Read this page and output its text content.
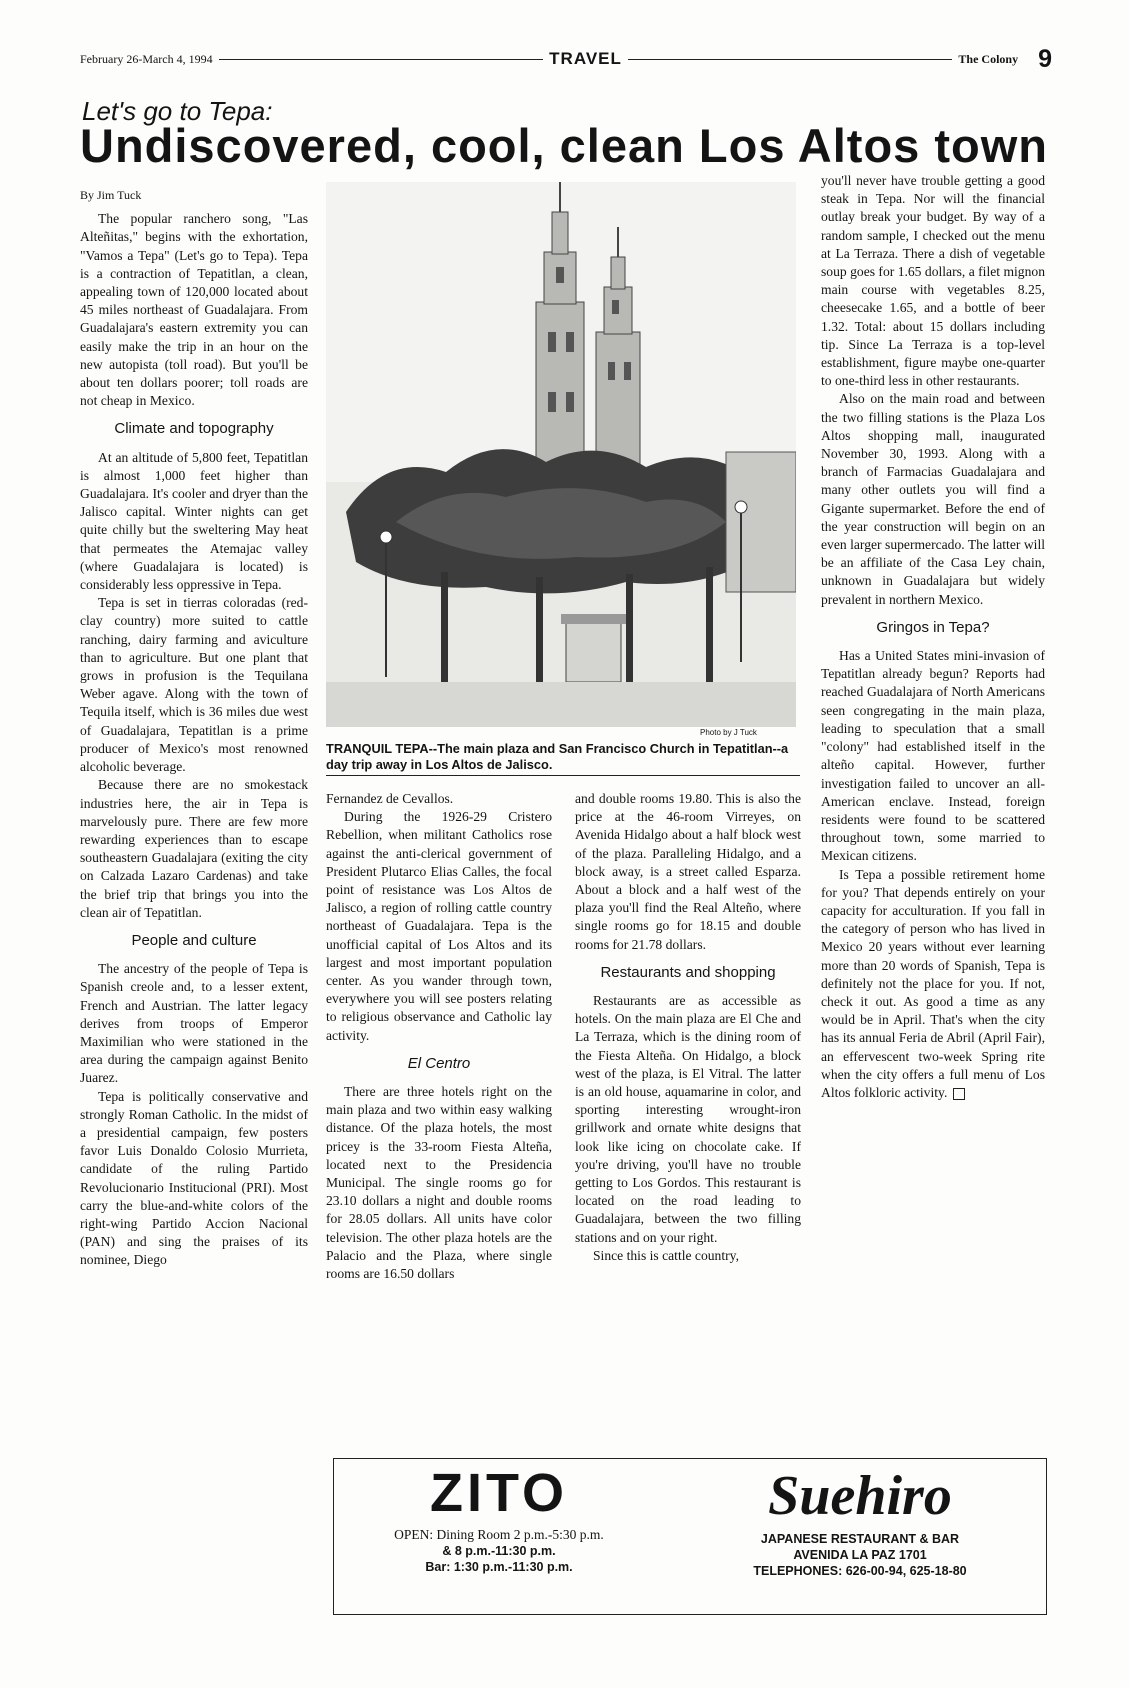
February 26-March 4, 1994	TRAVEL	The Colony 9
Let's go to Tepa:
Undiscovered, cool, clean Los Altos town

By Jim Tuck

The popular ranchero song, "Las Alteñitas," begins with the exhortation, "Vamos a Tepa" (Let's go to Tepa). Tepa is a contraction of Tepatitlan, a clean, appealing town of 120,000 located about 45 miles northeast of Guadalajara. From Guadalajara's eastern extremity you can easily make the trip in an hour on the new autopista (toll road). But you'll be about ten dollars poorer; toll roads are not cheap in Mexico.

Climate and topography

At an altitude of 5,800 feet, Tepatitlan is almost 1,000 feet higher than Guadalajara. It's cooler and dryer than the Jalisco capital. Winter nights can get quite chilly but the sweltering May heat that permeates the Atemajac valley (where Guadalajara is located) is considerably less oppressive in Tepa.

Tepa is set in tierras coloradas (red-clay country) more suited to cattle ranching, dairy farming and aviculture than to agriculture. But one plant that grows in profusion is the Tequilana Weber agave. Along with the town of Tequila itself, which is 36 miles due west of Guadalajara, Tepatitlan is a prime producer of Mexico's most renowned alcoholic beverage.

Because there are no smokestack industries here, the air in Tepa is marvelously pure. There are few more rewarding experiences than to escape southeastern Guadalajara (exiting the city on Calzada Lazaro Cardenas) and take the brief trip that brings you into the clean air of Tepatitlan.

People and culture

The ancestry of the people of Tepa is Spanish creole and, to a lesser extent, French and Austrian. The latter legacy derives from troops of Emperor Maximilian who were stationed in the area during the campaign against Benito Juarez.

Tepa is politically conservative and strongly Roman Catholic. In the midst of a presidential campaign, few posters favor Luis Donaldo Colosio Murrieta, candidate of the ruling Partido Revolucionario Institucional (PRI). Most carry the blue-and-white colors of the right-wing Partido Accion Nacional (PAN) and sing the praises of its nominee, Diego

Photo by J Tuck
TRANQUIL TEPA--The main plaza and San Francisco Church in Tepatitlan--a day trip away in Los Altos de Jalisco.

Fernandez de Cevallos.

During the 1926-29 Cristero Rebellion, when militant Catholics rose against the anti-clerical government of President Plutarco Elias Calles, the focal point of resistance was Los Altos de Jalisco, a region of rolling cattle country northeast of Guadalajara. Tepa is the unofficial capital of Los Altos and its largest and most important population center. As you wander through town, everywhere you will see posters relating to religious observance and Catholic lay activity.

El Centro

There are three hotels right on the main plaza and two within easy walking distance. Of the plaza hotels, the most pricey is the 33-room Fiesta Alteña, located next to the Presidencia Municipal. The single rooms go for 23.10 dollars a night and double rooms for 28.05 dollars. All units have color television. The other plaza hotels are the Palacio and the Plaza, where single rooms are 16.50 dollars

and double rooms 19.80. This is also the price at the 46-room Virreyes, on Avenida Hidalgo about a half block west of the plaza. Paralleling Hidalgo, and a block away, is a street called Esparza. About a block and a half west of the plaza you'll find the Real Alteño, where single rooms go for 18.15 and double rooms for 21.78 dollars.

Restaurants and shopping

Restaurants are as accessible as hotels. On the main plaza are El Che and La Terraza, which is the dining room of the Fiesta Alteña. On Hidalgo, a block west of the plaza, is El Vitral. The latter is an old house, aquamarine in color, and sporting interesting wrought-iron grillwork and ornate white designs that look like icing on chocolate cake. If you're driving, you'll have no trouble getting to Los Gordos. This restaurant is located on the road leading to Guadalajara, between the two filling stations and on your right.

Since this is cattle country,

you'll never have trouble getting a good steak in Tepa. Nor will the financial outlay break your budget. By way of a random sample, I checked out the menu at La Terraza. There a dish of vegetable soup goes for 1.65 dollars, a filet mignon main course with vegetables 8.25, cheesecake 1.65, and a bottle of beer 1.32. Total: about 15 dollars including tip. Since La Terraza is a top-level establishment, figure maybe one-quarter to one-third less in other restaurants.

Also on the main road and between the two filling stations is the Plaza Los Altos shopping mall, inaugurated November 30, 1993. Along with a branch of Farmacias Guadalajara and many other outlets you will find a Gigante supermarket. Before the end of the year construction will begin on an even larger supermercado. The latter will be an affiliate of the Casa Ley chain, unknown in Guadalajara but widely prevalent in northern Mexico.

Gringos in Tepa?

Has a United States mini-invasion of Tepatitlan already begun? Reports had reached Guadalajara of North Americans seen congregating in the main plaza, leading to speculation that a small "colony" had established itself in the alteño capital. However, further investigation failed to uncover an all-American enclave. Instead, foreign residents were found to be scattered throughout town, some married to Mexican citizens.

Is Tepa a possible retirement home for you? That depends entirely on your capacity for acculturation. If you fall in the category of person who has lived in Mexico 20 years without ever learning more than 20 words of Spanish, Tepa is definitely not the place for you. If not, check it out. As good a time as any would be in April. That's when the city has its annual Feria de Abril (April Fair), an effervescent two-week Spring rite when the city offers a full menu of Los Altos folkloric activity.

ZITO
OPEN: Dining Room 2 p.m.-5:30 p.m.
& 8 p.m.-11:30 p.m.
Bar: 1:30 p.m.-11:30 p.m.
Suehiro
JAPANESE RESTAURANT & BAR
AVENIDA LA PAZ 1701
TELEPHONES: 626-00-94, 625-18-80
